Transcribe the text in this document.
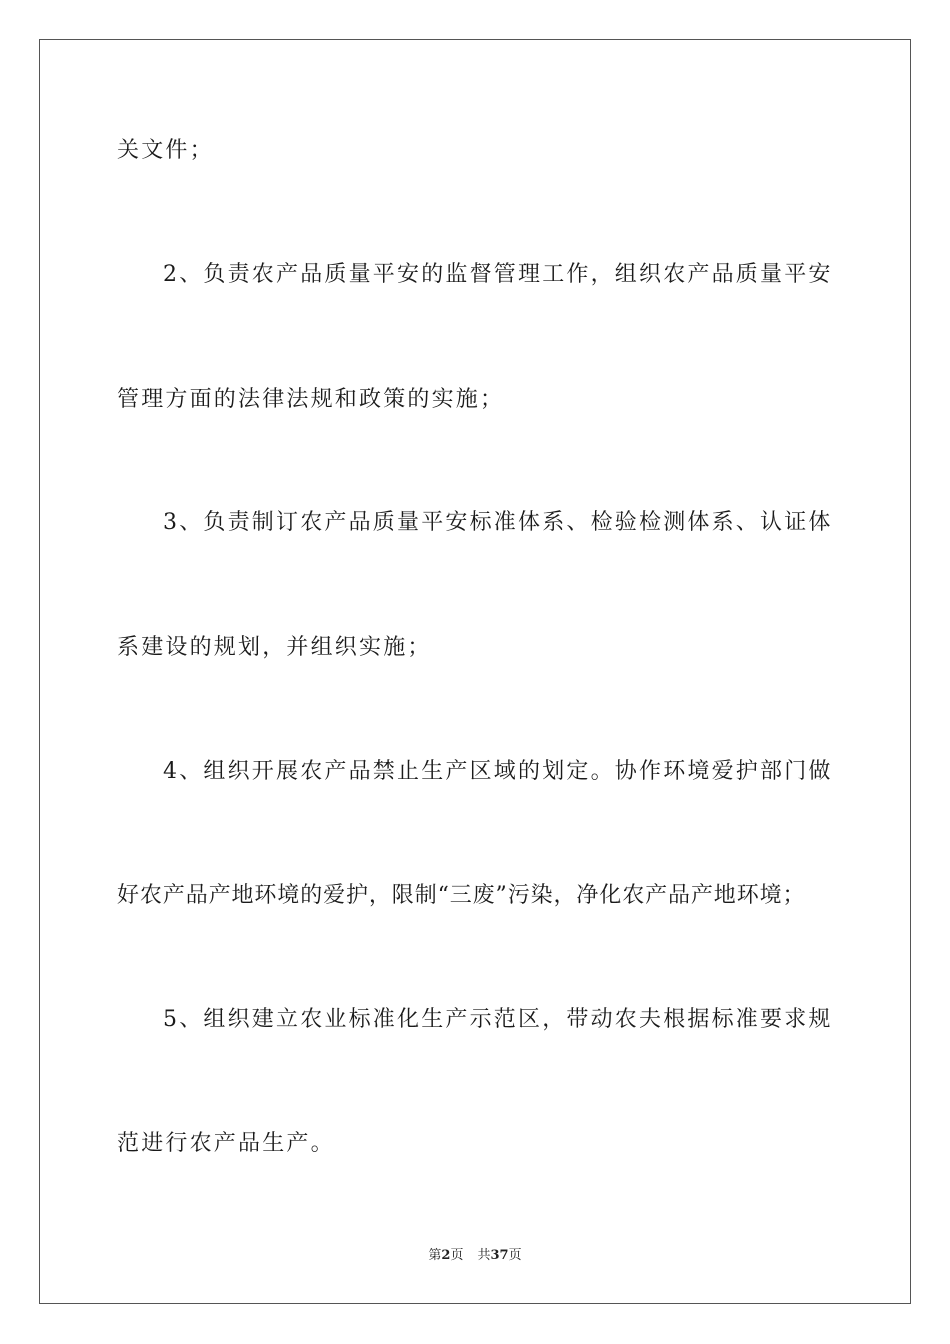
关文件；
2、负责农产品质量平安的监督管理工作，组织农产品质量平安
管理方面的法律法规和政策的实施；
3、负责制订农产品质量平安标准体系、检验检测体系、认证体
系建设的规划，并组织实施；
4、组织开展农产品禁止生产区域的划定。协作环境爱护部门做
好农产品产地环境的爱护，限制“三废”污染，净化农产品产地环境；
5、组织建立农业标准化生产示范区，带动农夫根据标准要求规
范进行农产品生产。
第2页 共37页
